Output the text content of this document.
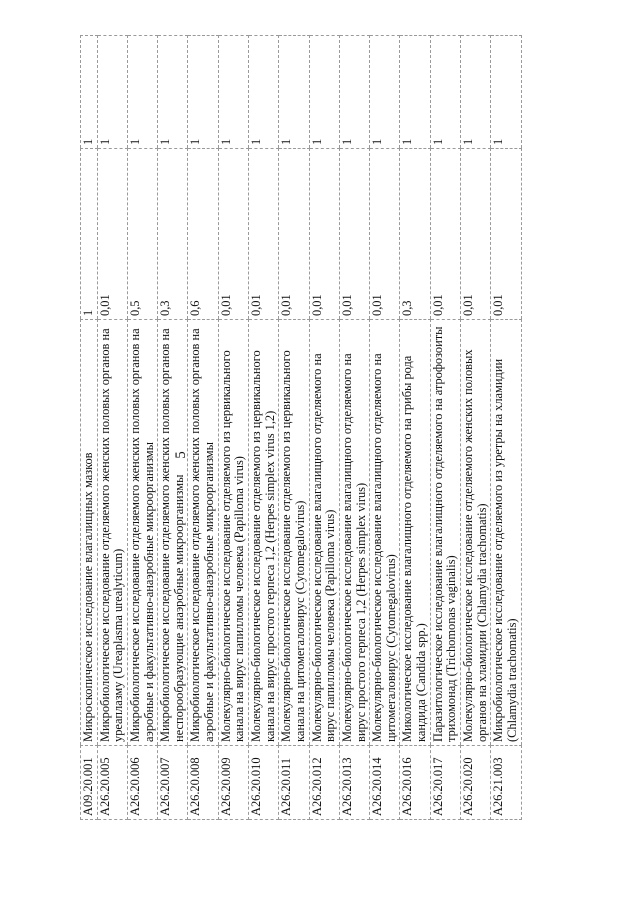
5
A09.20.001	Микроскопическое исследование влагалищных мазков	1	1
A26.20.005	Микробиологическое исследование отделяемого женских половых органов на уреаплазму (Ureaplasma urealyticum)	0,01	1
A26.20.006	Микробиологическое исследование отделяемого женских половых органов на аэробные и факультативно-анаэробные микроорганизмы	0,5	1
A26.20.007	Микробиологическое исследование отделяемого женских половых органов на неспорообразующие анаэробные микроорганизмы	0,3	1
A26.20.008	Микробиологическое исследование отделяемого женских половых органов на аэробные и факультативно-анаэробные микроорганизмы	0,6	1
A26.20.009	Молекулярно-биологическое исследование отделяемого из цервикального канала на вирус папилломы человека (Papilloma virus)	0,01	1
A26.20.010	Молекулярно-биологическое исследование отделяемого из цервикального канала на вирус простого герпеса 1,2 (Herpes simplex virus 1,2)	0,01	1
A26.20.011	Молекулярно-биологическое исследование отделяемого из цервикального канала на цитомегаловирус (Cytomegalovirus)	0,01	1
A26.20.012	Молекулярно-биологическое исследование влагалищного отделяемого на вирус папилломы человека (Papilloma virus)	0,01	1
A26.20.013	Молекулярно-биологическое исследование влагалищного отделяемого на вирус простого герпеса 1,2 (Herpes simplex virus)	0,01	1
A26.20.014	Молекулярно-биологическое исследование влагалищного отделяемого на цитомегаловирус (Cytomegalovirus)	0,01	1
A26.20.016	Микологическое исследование влагалищного отделяемого на грибы рода кандида (Candida spp.)	0,3	1
A26.20.017	Паразитологическое исследование влагалищного отделяемого на атрофозоиты трихомонад (Trichomonas vaginalis)	0,01	1
A26.20.020	Молекулярно-биологическое исследование отделяемого женских половых органов на хламидии (Chlamydia trachomatis)	0,01	1
A26.21.003	Микробиологическое исследование отделяемого из уретры на хламидии (Chlamydia trachomatis)	0,01	1
